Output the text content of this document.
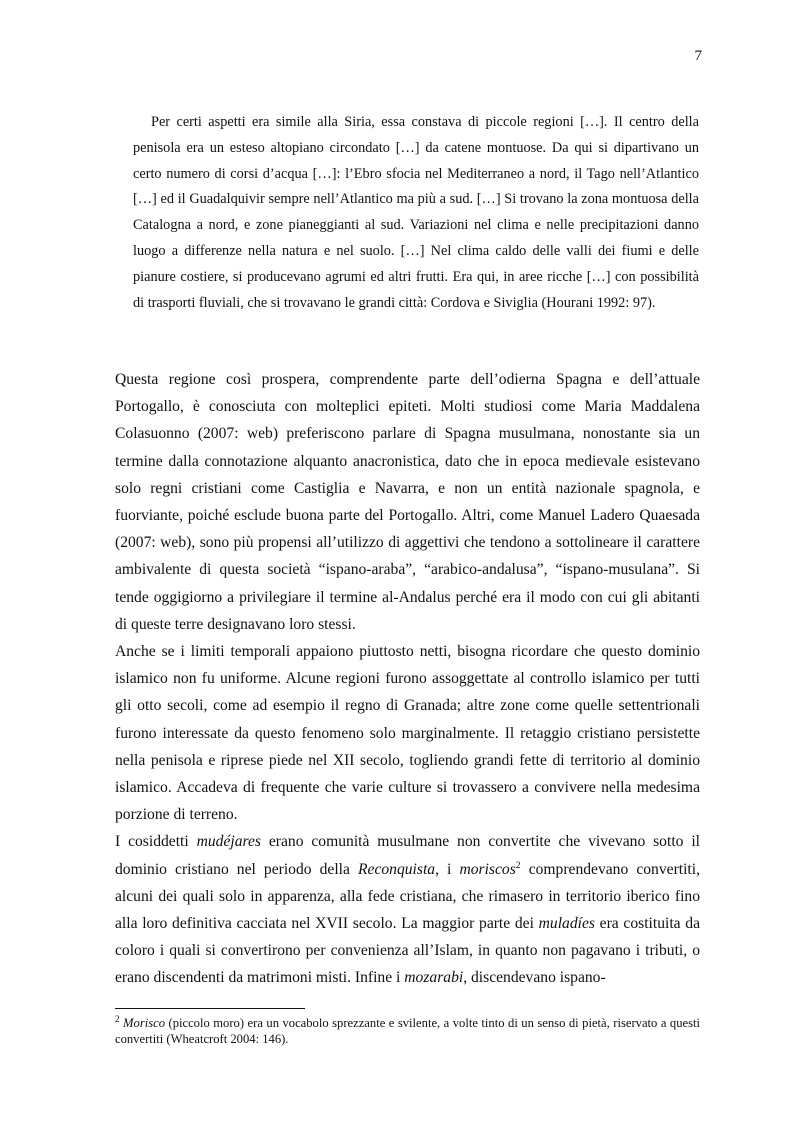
7
Per certi aspetti era simile alla Siria, essa constava di piccole regioni […]. Il centro della penisola era un esteso altopiano circondato […] da catene montuose. Da qui si dipartivano un certo numero di corsi d’acqua […]: l’Ebro sfocia nel Mediterraneo a nord, il Tago nell’Atlantico […] ed il Guadalquivir sempre nell’Atlantico ma più a sud. […] Si trovano la zona montuosa della Catalogna a nord, e zone pianeggianti al sud. Variazioni nel clima e nelle precipitazioni danno luogo a differenze nella natura e nel suolo. […] Nel clima caldo delle valli dei fiumi e delle pianure costiere, si producevano agrumi ed altri frutti. Era qui, in aree ricche […] con possibilità di trasporti fluviali, che si trovavano le grandi città: Cordova e Siviglia (Hourani 1992: 97).

Questa regione così prospera, comprendente parte dell’odierna Spagna e dell’attuale Portogallo, è conosciuta con molteplici epiteti. Molti studiosi come Maria Maddalena Colasuonno (2007: web) preferiscono parlare di Spagna musulmana, nonostante sia un termine dalla connotazione alquanto anacronistica, dato che in epoca medievale esistevano solo regni cristiani come Castiglia e Navarra, e non un entità nazionale spagnola, e fuorviante, poiché esclude buona parte del Portogallo. Altri, come Manuel Ladero Quaesada (2007: web), sono più propensi all’utilizzo di aggettivi che tendono a sottolineare il carattere ambivalente di questa società “ispano-araba”, “arabico-andalusa”, “ispano-musulana”. Si tende oggigiorno a privilegiare il termine al-Andalus perché era il modo con cui gli abitanti di queste terre designavano loro stessi.

Anche se i limiti temporali appaiono piuttosto netti, bisogna ricordare che questo dominio islamico non fu uniforme. Alcune regioni furono assoggettate al controllo islamico per tutti gli otto secoli, come ad esempio il regno di Granada; altre zone come quelle settentrionali furono interessate da questo fenomeno solo marginalmente. Il retaggio cristiano persistette nella penisola e riprese piede nel XII secolo, togliendo grandi fette di territorio al dominio islamico. Accadeva di frequente che varie culture si trovassero a convivere nella medesima porzione di terreno.

I cosiddetti mudéjares erano comunità musulmane non convertite che vivevano sotto il dominio cristiano nel periodo della Reconquista, i moriscos$^2$ comprendevano convertiti, alcuni dei quali solo in apparenza, alla fede cristiana, che rimasero in territorio iberico fino alla loro definitiva cacciata nel XVII secolo. La maggior parte dei muladíes era costituita da coloro i quali si convertirono per convenienza all’Islam, in quanto non pagavano i tributi, o erano discendenti da matrimoni misti. Infine i mozarabi, discendevano ispano-

$^2$ Morisco (piccolo moro) era un vocabolo sprezzante e svilente, a volte tinto di un senso di pietà, riservato a questi convertiti (Wheatcroft 2004: 146).
